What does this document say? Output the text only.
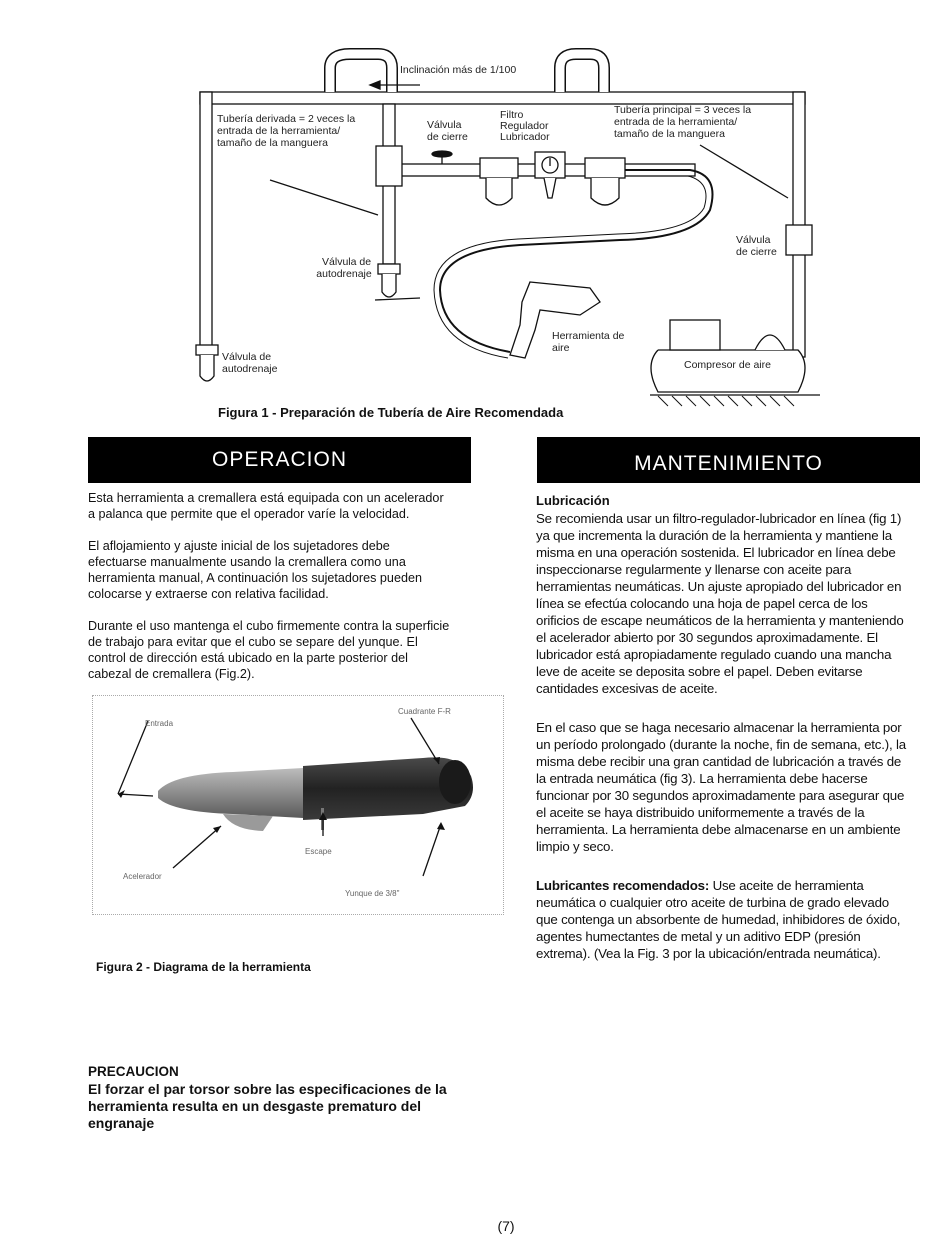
Inclinación más de 1/100
Tubería derivada = 2 veces la entrada de la herramienta/ tamaño de la manguera
Válvula de cierre
Filtro Regulador Lubricador
Tubería principal = 3 veces la entrada de la herramienta/ tamaño de la manguera
Válvula de autodrenaje
Válvula de autodrenaje
Válvula de cierre
Herramienta de aire
Compresor de aire
Figura 1 - Preparación de Tubería de Aire Recomendada
OPERACION

Esta herramienta a cremallera está equipada con un acelerador

a palanca que permite que el operador varíe la velocidad.

El aflojamiento y ajuste inicial de los sujetadores debe

efectuarse manualmente usando la cremallera como una

herramienta manual, A continuación los sujetadores pueden

colocarse y extraerse con relativa facilidad.

Durante el uso mantenga el cubo firmemente contra la superficie

de trabajo para evitar que el cubo se separe del yunque. El

control de dirección está ubicado en la parte posterior del

cabezal de cremallera (Fig.2).

Entrada
Cuadrante F-R
Escape
Acelerador
Yunque de 3/8"
Figura 2 - Diagrama de la herramienta
PRECAUCION

El forzar el par torsor sobre las especificaciones de la

herramienta resulta en un desgaste prematuro del

engranaje

MANTENIMIENTO
Lubricación

Se recomienda usar un filtro-regulador-lubricador en línea (fig 1)

ya que incrementa la duración de la herramienta y mantiene la

misma en una operación sostenida. El lubricador en línea debe

inspeccionarse regularmente y llenarse con aceite para

herramientas neumáticas. Un ajuste apropiado del lubricador en

línea se efectúa colocando una hoja de papel cerca de los

orificios de escape neumáticos de la herramienta y manteniendo

el acelerador abierto por 30 segundos aproximadamente. El

lubricador está apropiadamente regulado cuando una mancha

leve de aceite se deposita sobre el papel. Deben evitarse

cantidades excesivas de aceite.

En el caso que se haga necesario almacenar la herramienta por

un período prolongado (durante la noche, fin de semana, etc.), la

misma debe recibir una gran cantidad de lubricación a través de

la entrada neumática (fig 3). La herramienta debe hacerse

funcionar por 30 segundos aproximadamente para asegurar que

el aceite se haya distribuido uniformemente a través de la

herramienta. La herramienta debe almacenarse en un ambiente

limpio y seco.

Lubricantes recomendados: Use aceite de herramienta

neumática o cualquier otro aceite de turbina de grado elevado

que contenga un absorbente de humedad, inhibidores de óxido,

agentes humectantes de metal y un aditivo EDP (presión

extrema). (Vea la Fig. 3 por la ubicación/entrada neumática).

(7)
